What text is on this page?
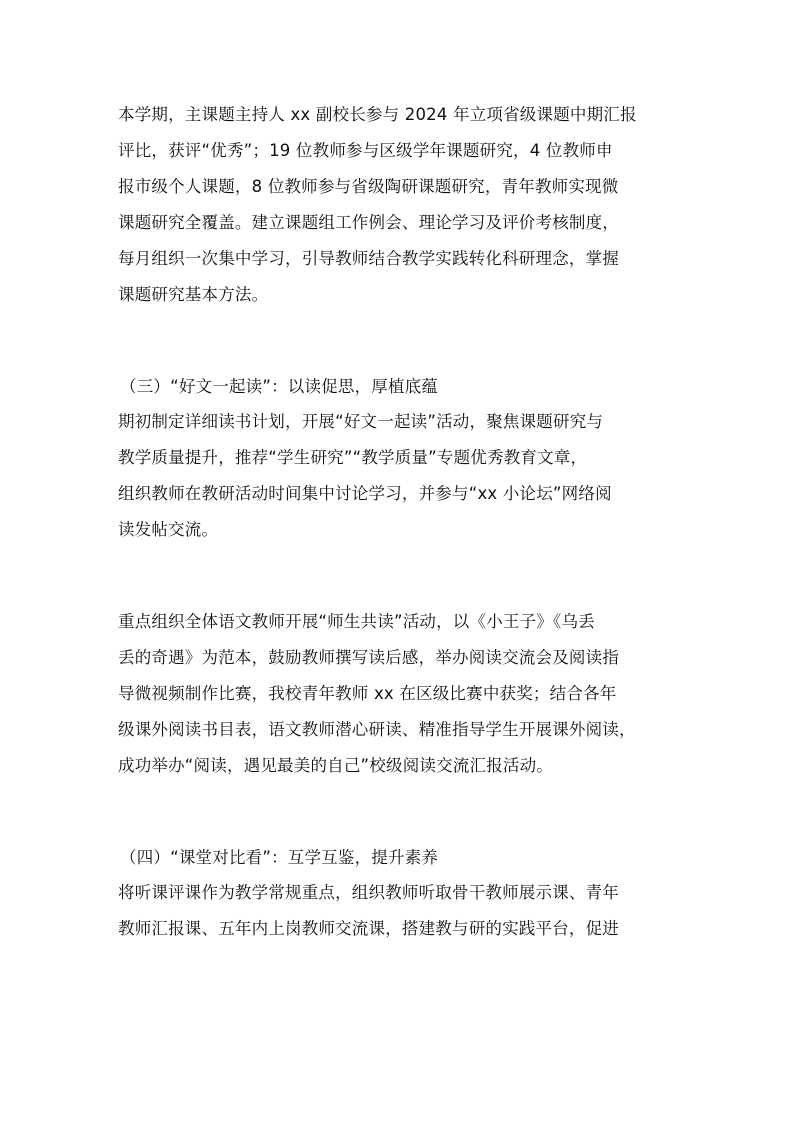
本学期，主课题主持人 xx 副校长参与 2024 年立项省级课题中期汇报
评比，获评“优秀”；19 位教师参与区级学年课题研究，4 位教师申
报市级个人课题，8 位教师参与省级陶研课题研究，青年教师实现微
课题研究全覆盖。建立课题组工作例会、理论学习及评价考核制度，
每月组织一次集中学习，引导教师结合教学实践转化科研理念，掌握
课题研究基本方法。
（三）“好文一起读”：以读促思，厚植底蕴
期初制定详细读书计划，开展“好文一起读”活动，聚焦课题研究与
教学质量提升，推荐“学生研究”“教学质量”专题优秀教育文章，
组织教师在教研活动时间集中讨论学习，并参与“xx 小论坛”网络阅
读发帖交流。
重点组织全体语文教师开展“师生共读”活动，以《小王子》《乌丢
丢的奇遇》为范本，鼓励教师撰写读后感，举办阅读交流会及阅读指
导微视频制作比赛，我校青年教师 xx 在区级比赛中获奖；结合各年
级课外阅读书目表，语文教师潜心研读、精准指导学生开展课外阅读，
成功举办“阅读，遇见最美的自己”校级阅读交流汇报活动。
（四）“课堂对比看”：互学互鉴，提升素养
将听课评课作为教学常规重点，组织教师听取骨干教师展示课、青年
教师汇报课、五年内上岗教师交流课，搭建教与研的实践平台，促进
